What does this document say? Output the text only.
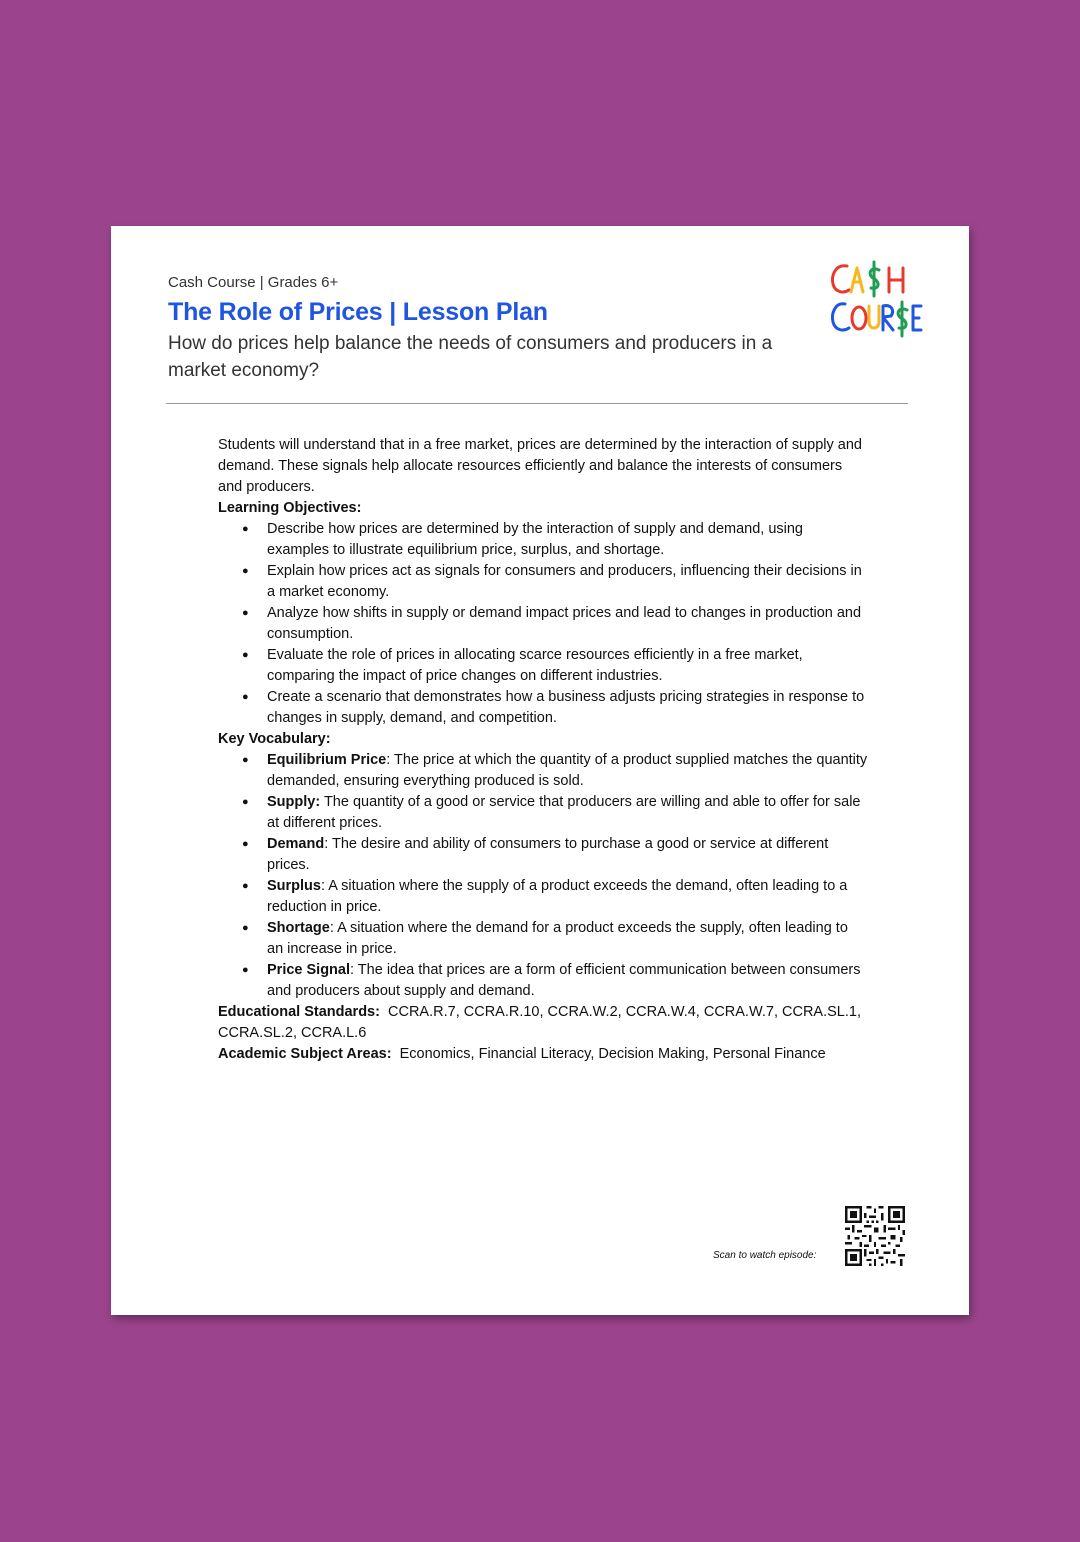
Cash Course | Grades 6+
The Role of Prices | Lesson Plan
How do prices help balance the needs of consumers and producers in a market economy?

Students will understand that in a free market, prices are determined by the interaction of supply and demand. These signals help allocate resources efficiently and balance the interests of consumers and producers.

Learning Objectives:

● Describe how prices are determined by the interaction of supply and demand, using examples to illustrate equilibrium price, surplus, and shortage.
● Explain how prices act as signals for consumers and producers, influencing their decisions in a market economy.
● Analyze how shifts in supply or demand impact prices and lead to changes in production and consumption.
● Evaluate the role of prices in allocating scarce resources efficiently in a free market, comparing the impact of price changes on different industries.
● Create a scenario that demonstrates how a business adjusts pricing strategies in response to changes in supply, demand, and competition.

Key Vocabulary:

● Equilibrium Price: The price at which the quantity of a product supplied matches the quantity demanded, ensuring everything produced is sold.
● Supply: The quantity of a good or service that producers are willing and able to offer for sale at different prices.
● Demand: The desire and ability of consumers to purchase a good or service at different prices.
● Surplus: A situation where the supply of a product exceeds the demand, often leading to a reduction in price.
● Shortage: A situation where the demand for a product exceeds the supply, often leading to an increase in price.
● Price Signal: The idea that prices are a form of efficient communication between consumers and producers about supply and demand.

Educational Standards: CCRA.R.7, CCRA.R.10, CCRA.W.2, CCRA.W.4, CCRA.W.7, CCRA.SL.1, CCRA.SL.2, CCRA.L.6

Academic Subject Areas: Economics, Financial Literacy, Decision Making, Personal Finance

Scan to watch episode:
